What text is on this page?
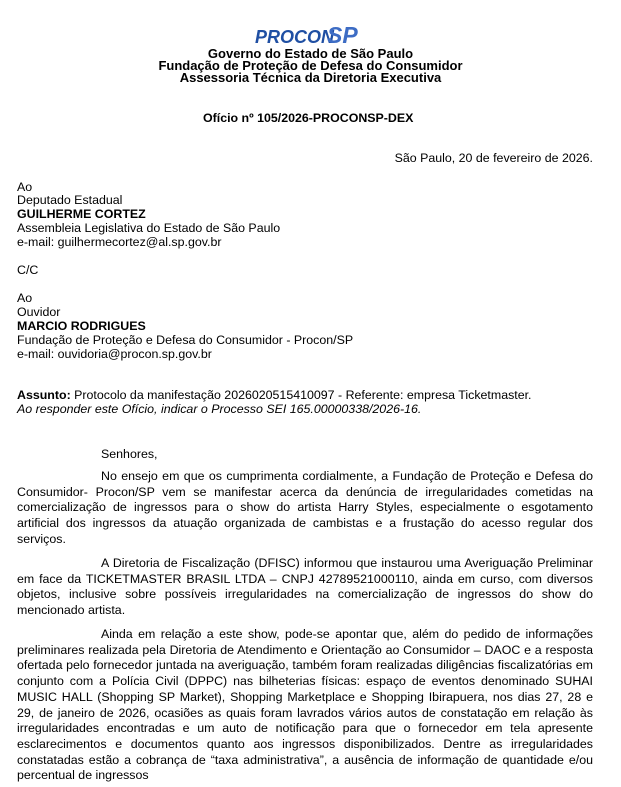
PROCON
SP
Governo do Estado de São Paulo
Fundação de Proteção de Defesa do Consumidor
Assessoria Técnica da Diretoria Executiva
Ofício nº 105/2026-PROCONSP-DEX
São Paulo, 20 de fevereiro de 2026.
Ao
Deputado Estadual
GUILHERME CORTEZ
Assembleia Legislativa do Estado de São Paulo
e-mail: guilhermecortez@al.sp.gov.br
C/C
Ao
Ouvidor
MARCIO RODRIGUES
Fundação de Proteção e Defesa do Consumidor - Procon/SP
e-mail: ouvidoria@procon.sp.gov.br
Assunto: Protocolo da manifestação 2026020515410097 - Referente: empresa Ticketmaster.
Ao responder este Ofício, indicar o Processo SEI 165.00000338/2026-16.
Senhores,

No ensejo em que os cumprimenta cordialmente, a Fundação de Proteção e Defesa do Consumidor- Procon/SP vem se manifestar acerca da denúncia de irregularidades cometidas na comercialização de ingressos para o show do artista Harry Styles, especialmente o esgotamento artificial dos ingressos da atuação organizada de cambistas e a frustação do acesso regular dos serviços.

A Diretoria de Fiscalização (DFISC) informou que instaurou uma Averiguação Preliminar em face da TICKETMASTER BRASIL LTDA – CNPJ 42789521000110, ainda em curso, com diversos objetos, inclusive sobre possíveis irregularidades na comercialização de ingressos do show do mencionado artista.

Ainda em relação a este show, pode-se apontar que, além do pedido de informações preliminares realizada pela Diretoria de Atendimento e Orientação ao Consumidor – DAOC e a resposta ofertada pelo fornecedor juntada na averiguação, também foram realizadas diligências fiscalizatórias em conjunto com a Polícia Civil (DPPC) nas bilheterias físicas: espaço de eventos denominado SUHAI MUSIC HALL (Shopping SP Market), Shopping Marketplace e Shopping Ibirapuera, nos dias 27, 28 e 29, de janeiro de 2026, ocasiões as quais foram lavrados vários autos de constatação em relação às irregularidades encontradas e um auto de notificação para que o fornecedor em tela apresente esclarecimentos e documentos quanto aos ingressos disponibilizados. Dentre as irregularidades constatadas estão a cobrança de “taxa administrativa”, a ausência de informação de quantidade e/ou percentual de ingressos
